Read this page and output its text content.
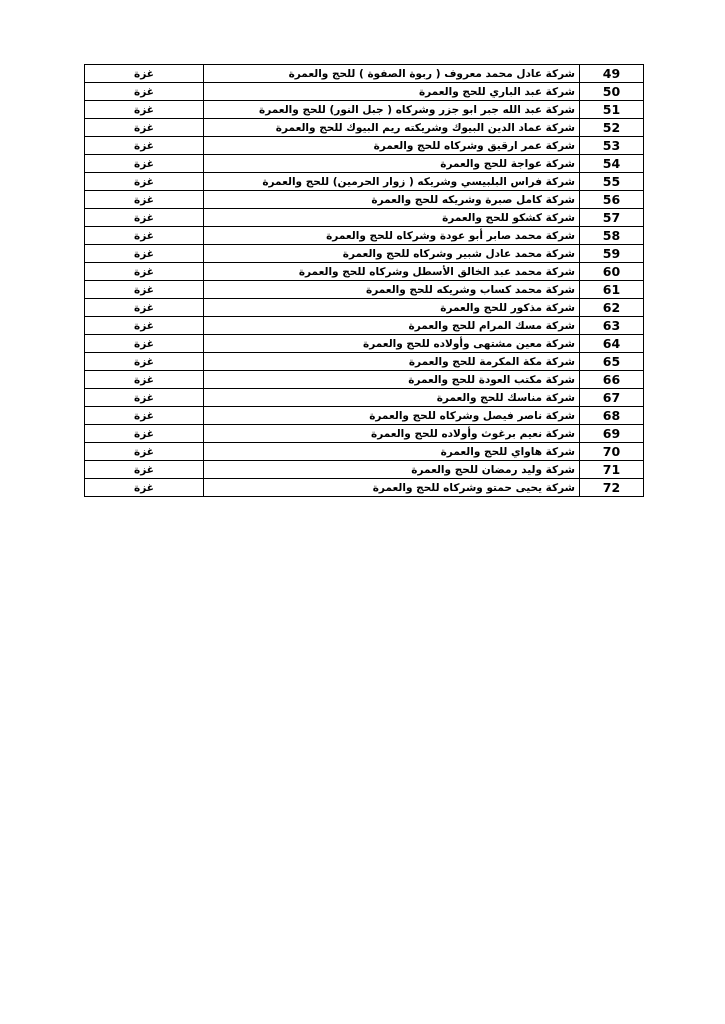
49	شركة عادل محمد معروف ( ربوة الصفوة ) للحج والعمرة	غزة
50	شركة عبد الباري للحج والعمرة	غزة
51	شركة عبد الله جبر ابو جزر وشركاه ( جبل النور) للحج والعمرة	غزة
52	شركة عماد الدين البيوك وشريكته ريم البيوك للحج والعمرة	غزة
53	شركة عمر ارقيق وشركاه للحج والعمرة	غزة
54	شركة عواجة للحج والعمرة	غزة
55	شركة فراس البلبيسي وشريكه ( زوار الحرمين) للحج والعمرة	غزة
56	شركة كامل صبرة وشريكه للحج والعمرة	غزة
57	شركة كشكو للحج والعمرة	غزة
58	شركة محمد صابر أبو عودة وشركاه للحج والعمرة	غزة
59	شركة محمد عادل شبير وشركاه للحج والعمرة	غزة
60	شركة محمد عبد الخالق الأسطل وشركاه للحج والعمرة	غزة
61	شركة محمد كساب وشريكه للحج والعمرة	غزة
62	شركة مذكور للحج والعمرة	غزة
63	شركة مسك المرام للحج والعمرة	غزة
64	شركة معين مشتهى وأولاده للحج والعمرة	غزة
65	شركة مكة المكرمة للحج والعمرة	غزة
66	شركة مكتب العودة للحج والعمرة	غزة
67	شركة مناسك للحج والعمرة	غزة
68	شركة ناصر فيصل وشركاه للحج والعمرة	غزة
69	شركة نعيم برغوث وأولاده للحج والعمرة	غزة
70	شركة هاواي للحج والعمرة	غزة
71	شركة وليد رمضان للحج والعمرة	غزة
72	شركة يحيى حمتو وشركاه للحج والعمرة	غزة
